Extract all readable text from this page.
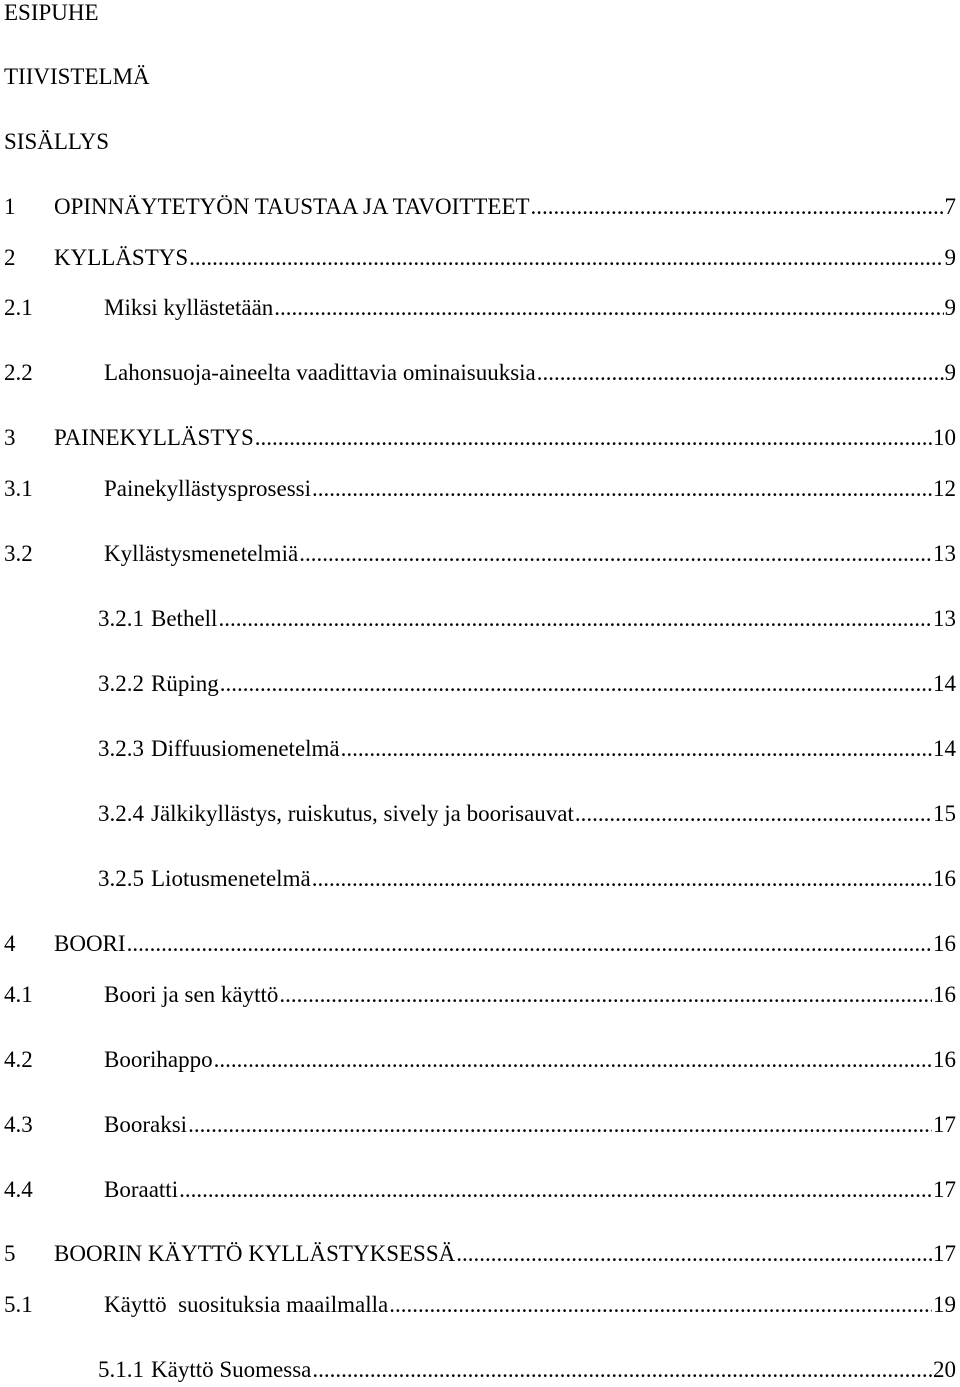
ESIPUHE
TIIVISTELMÄ
SISÄLLYS
1	OPINNÄYTETYÖN TAUSTAA JA TAVOITTEET .....	7
2	KYLLÄSTYS .....	9
2.1	Miksi kyllästetään .....	9
2.2	Lahonsuoja-aineelta vaadittavia ominaisuuksia .....	9
3	PAINEKYLLÄSTYS .....	10
3.1	Painekyllästysprosessi .....	12
3.2	Kyllästysmenetelmiä .....	13
3.2.1 Bethell .....	13
3.2.2 Rüping .....	14
3.2.3 Diffuusiomenetelmä .....	14
3.2.4 Jälkikyllästys, ruiskutus, sively ja boorisauvat .....	15
3.2.5 Liotusmenetelmä .....	16
4	BOORI .....	16
4.1	Boori ja sen käyttö .....	16
4.2	Boorihappo .....	16
4.3	Booraksi .....	17
4.4	Boraatti .....	17
5	BOORIN KÄYTTÖ KYLLÄSTYKSESSÄ .....	17
5.1	Käyttö  suosituksia maailmalla .....	19
5.1.1 Käyttö Suomessa .....	20
